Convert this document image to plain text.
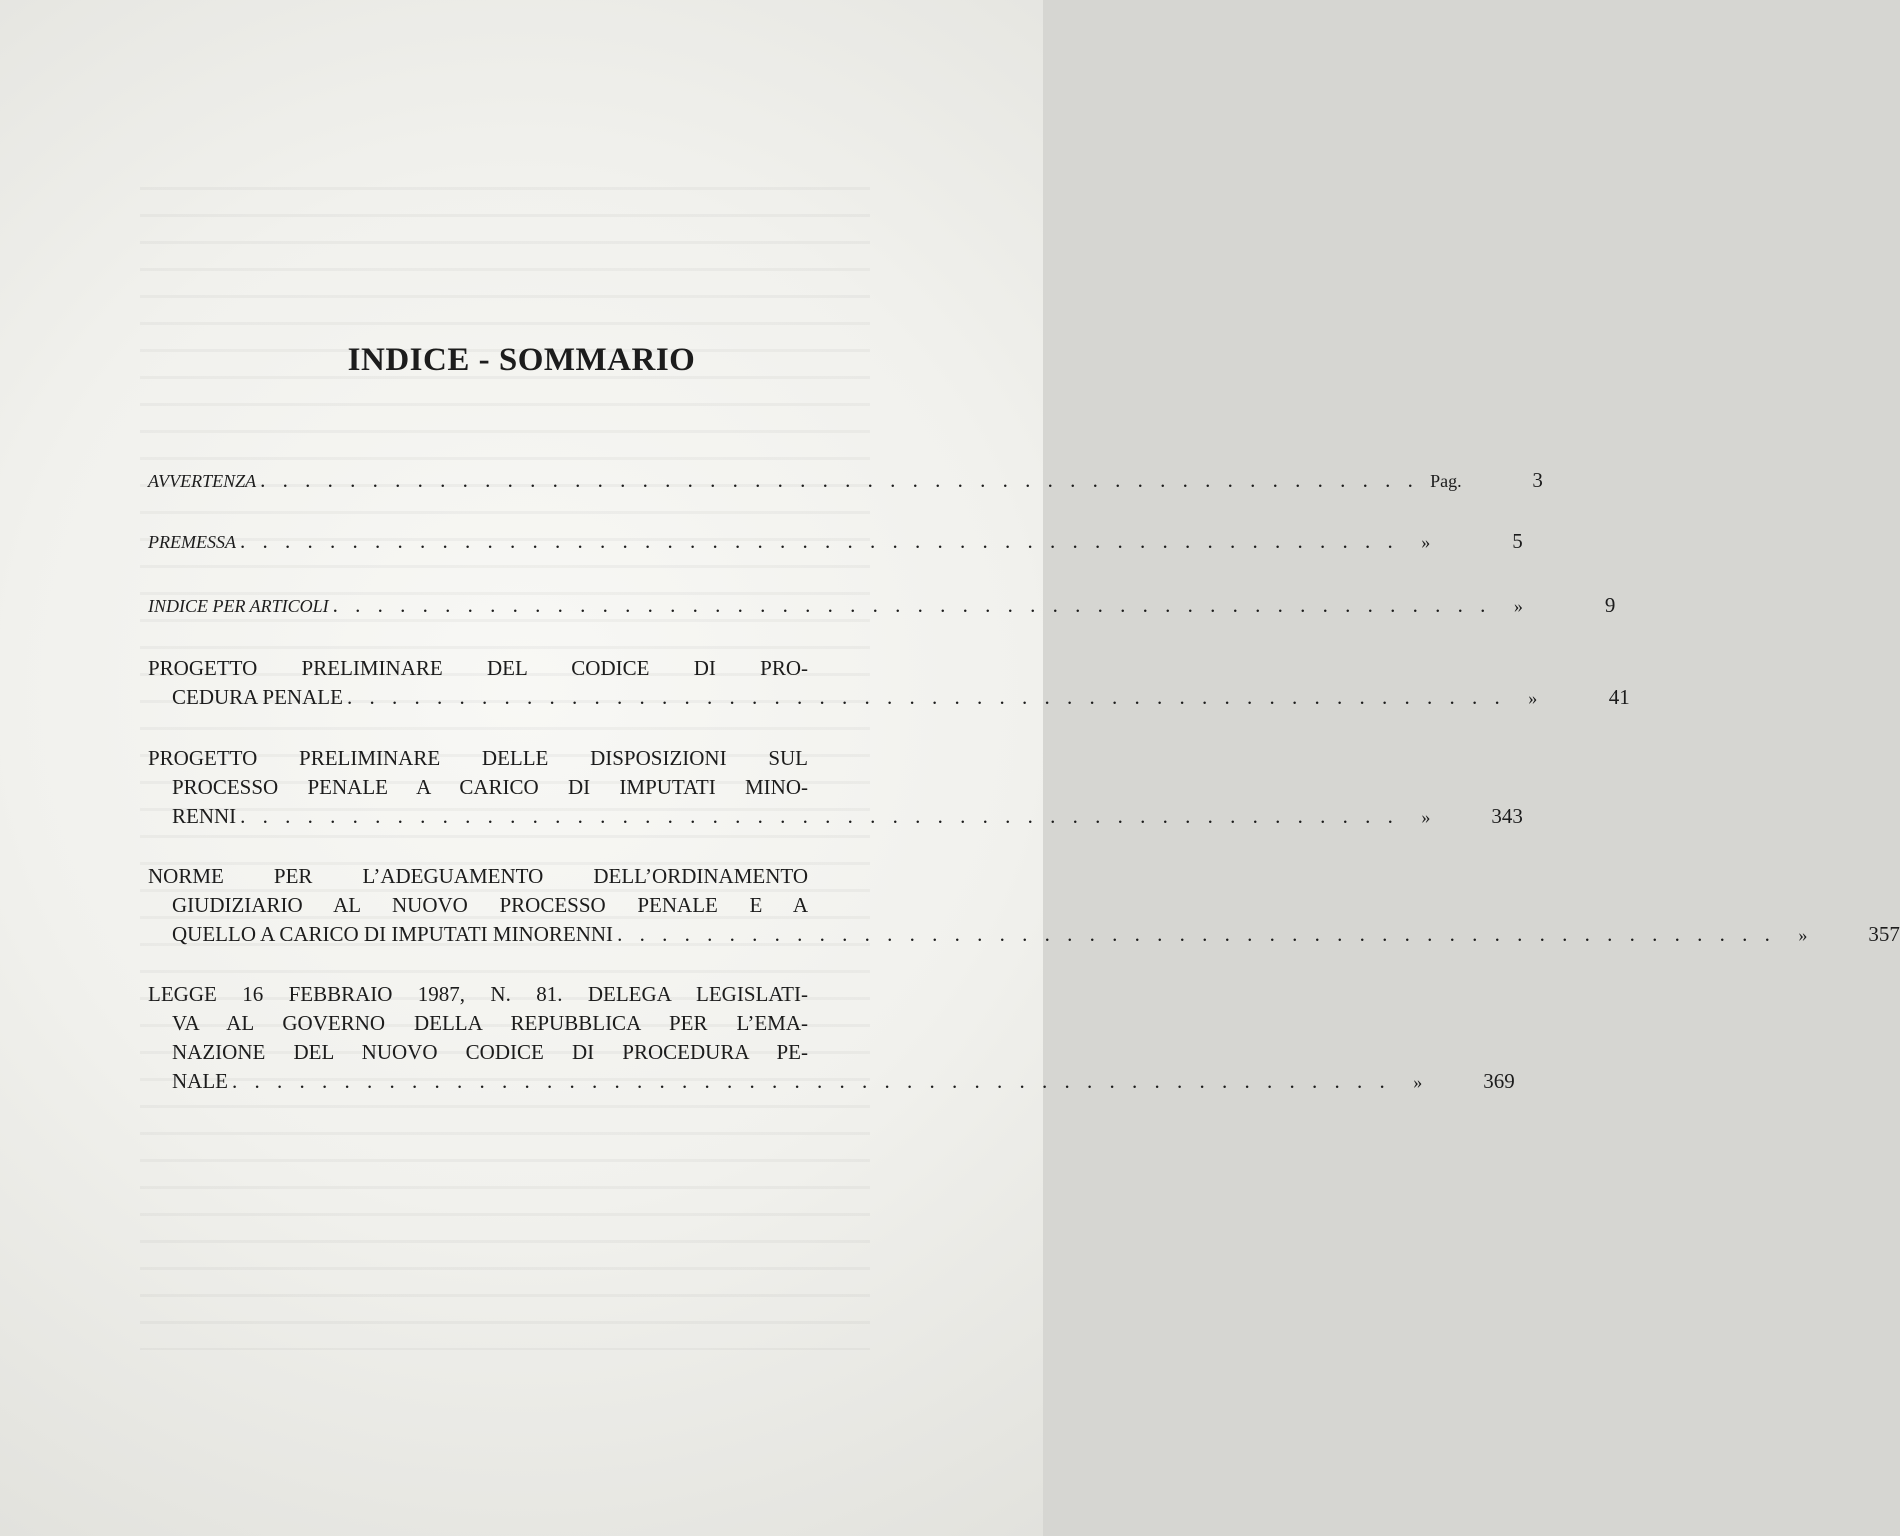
INDICE - SOMMARIO
AVVERTENZA . . . . . . . . . . . . . . . . . . . . . . . . . . . . . . . . . . . . . . . . . . . . . . . . . . . . Pag.	3
PREMESSA . . . . . . . . . . . . . . . . . . . . . . . . . . . . . . . . . . . . . . . . . . . . . . . . . . . .	»	5
INDICE PER ARTICOLI . . . . . . . . . . . . . . . . . . . . . . . . . . . . . . . . . . . . . . . . . . . . . . . . . . . .	»	9
PROGETTO PRELIMINARE DEL CODICE DI PRO-
CEDURA PENALE . . . . . . . . . . . . . . . . . . . . . . . . . . . . . . . . . . . . . . . . . . . . . . . . . . . .	»	41
PROGETTO PRELIMINARE DELLE DISPOSIZIONI SUL
PROCESSO PENALE A CARICO DI IMPUTATI MINO-
RENNI . . . . . . . . . . . . . . . . . . . . . . . . . . . . . . . . . . . . . . . . . . . . . . . . . . . .	»	343
NORME PER L’ADEGUAMENTO DELL’ORDINAMENTO
GIUDIZIARIO AL NUOVO PROCESSO PENALE E A
QUELLO A CARICO DI IMPUTATI MINORENNI . . . . . . . . . . . . . . . . . . . . . . . . . . . . . . . . . . . . . . . . . . . . . . . . . . . .	»	357
LEGGE 16 FEBBRAIO 1987, N. 81. DELEGA LEGISLATI-
VA AL GOVERNO DELLA REPUBBLICA PER L’EMA-
NAZIONE DEL NUOVO CODICE DI PROCEDURA PE-
NALE . . . . . . . . . . . . . . . . . . . . . . . . . . . . . . . . . . . . . . . . . . . . . . . . . . . .	»	369
